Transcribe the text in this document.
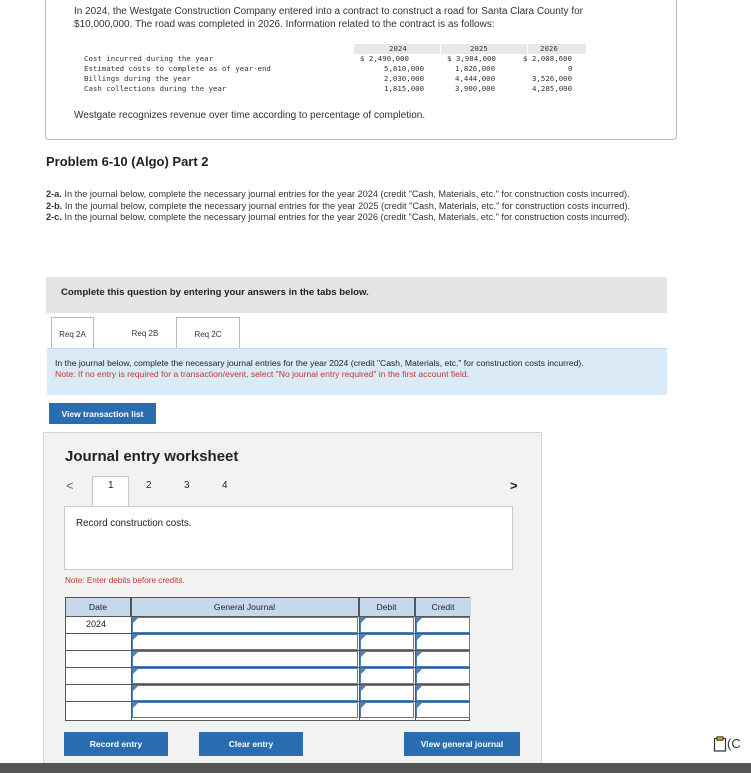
In 2024, the Westgate Construction Company entered into a contract to construct a road for Santa Clara County for $10,000,000. The road was completed in 2026. Information related to the contract is as follows:
2024	2025	2026
Cost incurred during the year	$ 2,490,000	$ 3,984,000	$ 2,008,600
Estimated costs to complete as of year-end	5,810,000	1,826,000	0
Billings during the year	2,030,000	4,444,000	3,526,000
Cash collections during the year	1,815,000	3,900,000	4,285,000
Westgate recognizes revenue over time according to percentage of completion.
Problem 6-10 (Algo) Part 2
2-a. In the journal below, complete the necessary journal entries for the year 2024 (credit "Cash, Materials, etc." for construction costs incurred).
2-b. In the journal below, complete the necessary journal entries for the year 2025 (credit "Cash, Materials, etc." for construction costs incurred).
2-c. In the journal below, complete the necessary journal entries for the year 2026 (credit "Cash, Materials, etc." for construction costs incurred).
Complete this question by entering your answers in the tabs below.
Req 2A	Req 2B	Req 2C
In the journal below, complete the necessary journal entries for the year 2024 (credit "Cash, Materials, etc." for construction costs incurred).
Note: If no entry is required for a transaction/event, select "No journal entry required" in the first account field.
View transaction list
Journal entry worksheet
<	1	2	3	4	>
Record construction costs.
Note: Enter debits before credits.
Date	General Journal	Debit	Credit
2024
Record entry	Clear entry	View general journal	(C
